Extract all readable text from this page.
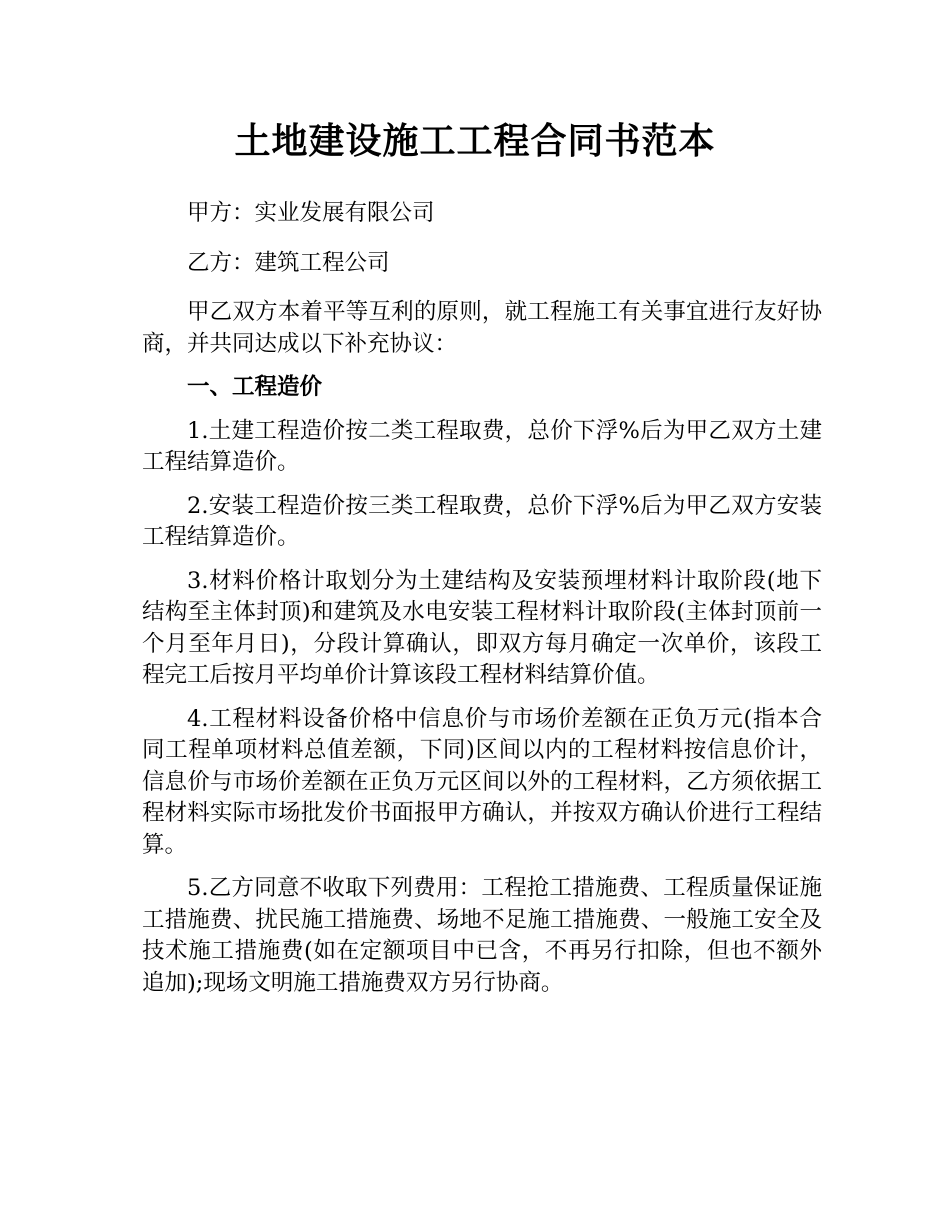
土地建设施工工程合同书范本

甲方：实业发展有限公司

乙方：建筑工程公司

甲乙双方本着平等互利的原则，就工程施工有关事宜进行友好协商，并共同达成以下补充协议：

一、工程造价

1.土建工程造价按二类工程取费，总价下浮%后为甲乙双方土建工程结算造价。

2.安装工程造价按三类工程取费，总价下浮%后为甲乙双方安装工程结算造价。

3.材料价格计取划分为土建结构及安装预埋材料计取阶段(地下结构至主体封顶)和建筑及水电安装工程材料计取阶段(主体封顶前一个月至年月日)，分段计算确认，即双方每月确定一次单价，该段工程完工后按月平均单价计算该段工程材料结算价值。

4.工程材料设备价格中信息价与市场价差额在正负万元(指本合同工程单项材料总值差额，下同)区间以内的工程材料按信息价计，信息价与市场价差额在正负万元区间以外的工程材料，乙方须依据工程材料实际市场批发价书面报甲方确认，并按双方确认价进行工程结算。

5.乙方同意不收取下列费用：工程抢工措施费、工程质量保证施工措施费、扰民施工措施费、场地不足施工措施费、一般施工安全及技术施工措施费(如在定额项目中已含，不再另行扣除，但也不额外追加);现场文明施工措施费双方另行协商。
